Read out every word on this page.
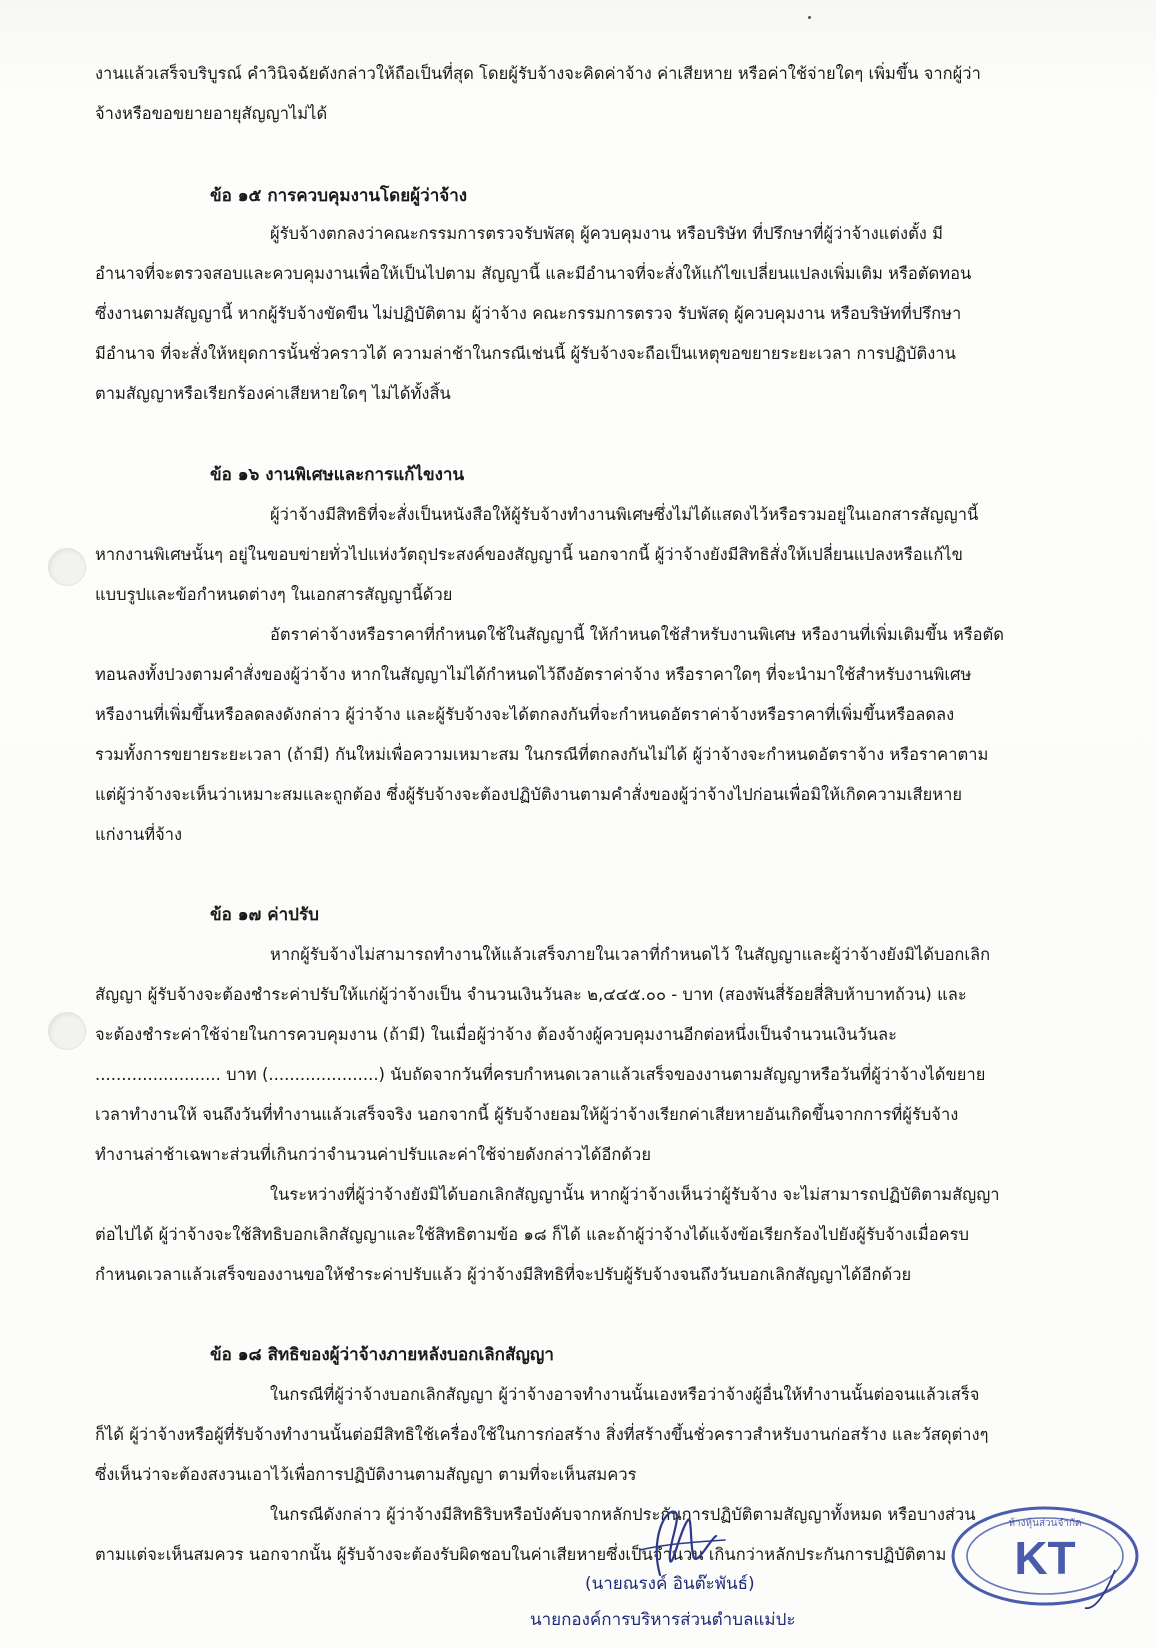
งานแล้วเสร็จบริบูรณ์ คำวินิจฉัยดังกล่าวให้ถือเป็นที่สุด โดยผู้รับจ้างจะคิดค่าจ้าง ค่าเสียหาย หรือค่าใช้จ่ายใดๆ เพิ่มขึ้น จากผู้ว่า
จ้างหรือขอขยายอายุสัญญาไม่ได้
ข้อ ๑๕ การควบคุมงานโดยผู้ว่าจ้าง
ผู้รับจ้างตกลงว่าคณะกรรมการตรวจรับพัสดุ ผู้ควบคุมงาน หรือบริษัท ที่ปรึกษาที่ผู้ว่าจ้างแต่งตั้ง มี
อำนาจที่จะตรวจสอบและควบคุมงานเพื่อให้เป็นไปตาม สัญญานี้ และมีอำนาจที่จะสั่งให้แก้ไขเปลี่ยนแปลงเพิ่มเติม หรือตัดทอน
ซึ่งงานตามสัญญานี้ หากผู้รับจ้างขัดขืน ไม่ปฏิบัติตาม ผู้ว่าจ้าง คณะกรรมการตรวจ รับพัสดุ ผู้ควบคุมงาน หรือบริษัทที่ปรึกษา
มีอำนาจ ที่จะสั่งให้หยุดการนั้นชั่วคราวได้ ความล่าช้าในกรณีเช่นนี้ ผู้รับจ้างจะถือเป็นเหตุขอขยายระยะเวลา การปฏิบัติงาน
ตามสัญญาหรือเรียกร้องค่าเสียหายใดๆ ไม่ได้ทั้งสิ้น
ข้อ ๑๖ งานพิเศษและการแก้ไขงาน
ผู้ว่าจ้างมีสิทธิที่จะสั่งเป็นหนังสือให้ผู้รับจ้างทำงานพิเศษซึ่งไม่ได้แสดงไว้หรือรวมอยู่ในเอกสารสัญญานี้
หากงานพิเศษนั้นๆ อยู่ในขอบข่ายทั่วไปแห่งวัตถุประสงค์ของสัญญานี้ นอกจากนี้ ผู้ว่าจ้างยังมีสิทธิสั่งให้เปลี่ยนแปลงหรือแก้ไข
แบบรูปและข้อกำหนดต่างๆ ในเอกสารสัญญานี้ด้วย
อัตราค่าจ้างหรือราคาที่กำหนดใช้ในสัญญานี้ ให้กำหนดใช้สำหรับงานพิเศษ หรืองานที่เพิ่มเติมขึ้น หรือตัด
ทอนลงทั้งปวงตามคำสั่งของผู้ว่าจ้าง หากในสัญญาไม่ได้กำหนดไว้ถึงอัตราค่าจ้าง หรือราคาใดๆ ที่จะนำมาใช้สำหรับงานพิเศษ
หรืองานที่เพิ่มขึ้นหรือลดลงดังกล่าว ผู้ว่าจ้าง และผู้รับจ้างจะได้ตกลงกันที่จะกำหนดอัตราค่าจ้างหรือราคาที่เพิ่มขึ้นหรือลดลง
รวมทั้งการขยายระยะเวลา (ถ้ามี) กันใหม่เพื่อความเหมาะสม ในกรณีที่ตกลงกันไม่ได้ ผู้ว่าจ้างจะกำหนดอัตราจ้าง หรือราคาตาม
แต่ผู้ว่าจ้างจะเห็นว่าเหมาะสมและถูกต้อง ซึ่งผู้รับจ้างจะต้องปฏิบัติงานตามคำสั่งของผู้ว่าจ้างไปก่อนเพื่อมิให้เกิดความเสียหาย
แก่งานที่จ้าง
ข้อ ๑๗ ค่าปรับ
หากผู้รับจ้างไม่สามารถทำงานให้แล้วเสร็จภายในเวลาที่กำหนดไว้ ในสัญญาและผู้ว่าจ้างยังมิได้บอกเลิก
สัญญา ผู้รับจ้างจะต้องชำระค่าปรับให้แก่ผู้ว่าจ้างเป็น จำนวนเงินวันละ ๒,๔๔๕.๐๐ - บาท (สองพันสี่ร้อยสี่สิบห้าบาทถ้วน) และ
จะต้องชำระค่าใช้จ่ายในการควบคุมงาน (ถ้ามี) ในเมื่อผู้ว่าจ้าง ต้องจ้างผู้ควบคุมงานอีกต่อหนึ่งเป็นจำนวนเงินวันละ
........................ บาท (.....................) นับถัดจากวันที่ครบกำหนดเวลาแล้วเสร็จของงานตามสัญญาหรือวันที่ผู้ว่าจ้างได้ขยาย
เวลาทำงานให้ จนถึงวันที่ทำงานแล้วเสร็จจริง นอกจากนี้ ผู้รับจ้างยอมให้ผู้ว่าจ้างเรียกค่าเสียหายอันเกิดขึ้นจากการที่ผู้รับจ้าง
ทำงานล่าช้าเฉพาะส่วนที่เกินกว่าจำนวนค่าปรับและค่าใช้จ่ายดังกล่าวได้อีกด้วย
ในระหว่างที่ผู้ว่าจ้างยังมิได้บอกเลิกสัญญานั้น หากผู้ว่าจ้างเห็นว่าผู้รับจ้าง จะไม่สามารถปฏิบัติตามสัญญา
ต่อไปได้ ผู้ว่าจ้างจะใช้สิทธิบอกเลิกสัญญาและใช้สิทธิตามข้อ ๑๘ ก็ได้ และถ้าผู้ว่าจ้างได้แจ้งข้อเรียกร้องไปยังผู้รับจ้างเมื่อครบ
กำหนดเวลาแล้วเสร็จของงานขอให้ชำระค่าปรับแล้ว ผู้ว่าจ้างมีสิทธิที่จะปรับผู้รับจ้างจนถึงวันบอกเลิกสัญญาได้อีกด้วย
ข้อ ๑๘ สิทธิของผู้ว่าจ้างภายหลังบอกเลิกสัญญา
ในกรณีที่ผู้ว่าจ้างบอกเลิกสัญญา ผู้ว่าจ้างอาจทำงานนั้นเองหรือว่าจ้างผู้อื่นให้ทำงานนั้นต่อจนแล้วเสร็จ
ก็ได้ ผู้ว่าจ้างหรือผู้ที่รับจ้างทำงานนั้นต่อมีสิทธิใช้เครื่องใช้ในการก่อสร้าง สิ่งที่สร้างขึ้นชั่วคราวสำหรับงานก่อสร้าง และวัสดุต่างๆ
ซึ่งเห็นว่าจะต้องสงวนเอาไว้เพื่อการปฏิบัติงานตามสัญญา ตามที่จะเห็นสมควร
ในกรณีดังกล่าว ผู้ว่าจ้างมีสิทธิริบหรือบังคับจากหลักประกันการปฏิบัติตามสัญญาทั้งหมด หรือบางส่วน
ตามแต่จะเห็นสมควร นอกจากนั้น ผู้รับจ้างจะต้องรับผิดชอบในค่าเสียหายซึ่งเป็นจำนวน เกินกว่าหลักประกันการปฏิบัติตาม	KT
ห้างหุ้นส่วนจำกัด
(นายณรงค์ อินต๊ะพันธ์)
นายกองค์การบริหารส่วนตำบลแม่ปะ
